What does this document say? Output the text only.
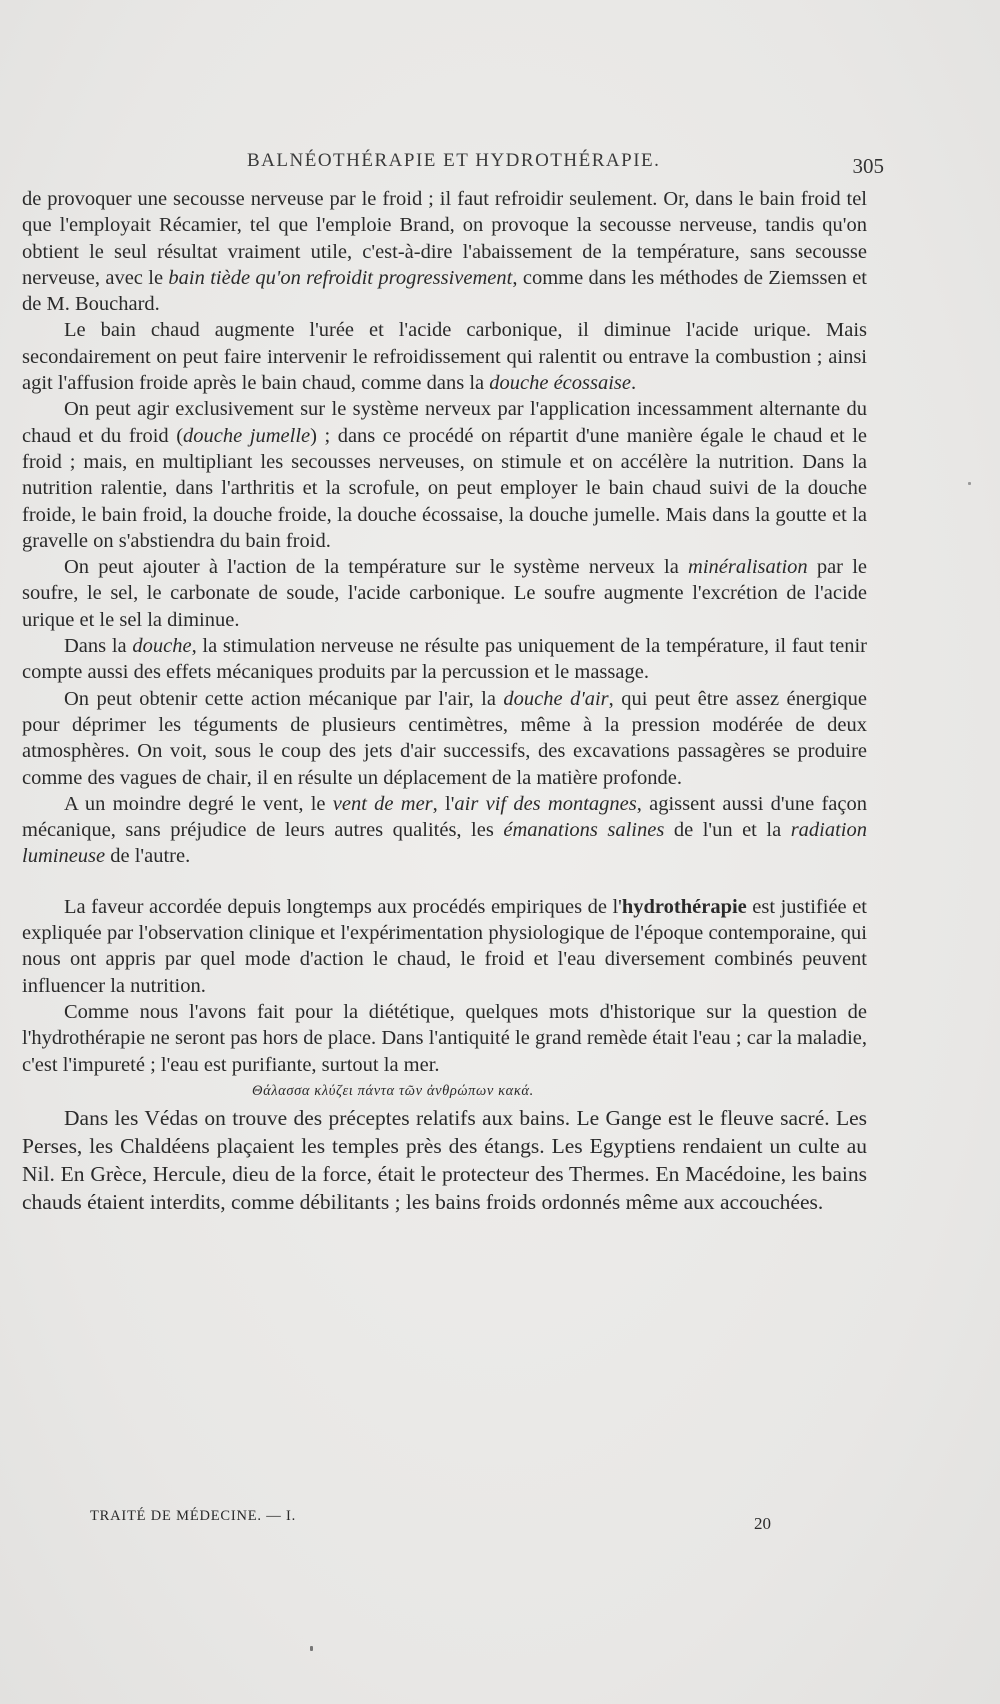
BALNÉOTHÉRAPIE ET HYDROTHÉRAPIE.	305

de provoquer une secousse nerveuse par le froid ; il faut refroidir seulement. Or, dans le bain froid tel que l'employait Récamier, tel que l'emploie Brand, on provoque la secousse nerveuse, tandis qu'on obtient le seul résultat vraiment utile, c'est-à-dire l'abaissement de la température, sans secousse nerveuse, avec le bain tiède qu'on refroidit progressivement, comme dans les méthodes de Ziemssen et de M. Bouchard.

Le bain chaud augmente l'urée et l'acide carbonique, il diminue l'acide urique. Mais secondairement on peut faire intervenir le refroidissement qui ralentit ou entrave la combustion ; ainsi agit l'affusion froide après le bain chaud, comme dans la douche écossaise.

On peut agir exclusivement sur le système nerveux par l'application incessamment alternante du chaud et du froid (douche jumelle) ; dans ce procédé on répartit d'une manière égale le chaud et le froid ; mais, en multipliant les secousses nerveuses, on stimule et on accélère la nutrition. Dans la nutrition ralentie, dans l'arthritis et la scrofule, on peut employer le bain chaud suivi de la douche froide, le bain froid, la douche froide, la douche écossaise, la douche jumelle. Mais dans la goutte et la gravelle on s'abstiendra du bain froid.

On peut ajouter à l'action de la température sur le système nerveux la minéralisation par le soufre, le sel, le carbonate de soude, l'acide carbonique. Le soufre augmente l'excrétion de l'acide urique et le sel la diminue.

Dans la douche, la stimulation nerveuse ne résulte pas uniquement de la température, il faut tenir compte aussi des effets mécaniques produits par la percussion et le massage.

On peut obtenir cette action mécanique par l'air, la douche d'air, qui peut être assez énergique pour déprimer les téguments de plusieurs centimètres, même à la pression modérée de deux atmosphères. On voit, sous le coup des jets d'air successifs, des excavations passagères se produire comme des vagues de chair, il en résulte un déplacement de la matière profonde.

A un moindre degré le vent, le vent de mer, l'air vif des montagnes, agissent aussi d'une façon mécanique, sans préjudice de leurs autres qualités, les émanations salines de l'un et la radiation lumineuse de l'autre.

La faveur accordée depuis longtemps aux procédés empiriques de l'hydrothérapie est justifiée et expliquée par l'observation clinique et l'expérimentation physiologique de l'époque contemporaine, qui nous ont appris par quel mode d'action le chaud, le froid et l'eau diversement combinés peuvent influencer la nutrition.

Comme nous l'avons fait pour la diététique, quelques mots d'historique sur la question de l'hydrothérapie ne seront pas hors de place. Dans l'antiquité le grand remède était l'eau ; car la maladie, c'est l'impureté ; l'eau est purifiante, surtout la mer.

Θάλασσα κλύζει πάντα τῶν ἀνθρώπων κακά.

Dans les Védas on trouve des préceptes relatifs aux bains. Le Gange est le fleuve sacré. Les Perses, les Chaldéens plaçaient les temples près des étangs. Les Egyptiens rendaient un culte au Nil. En Grèce, Hercule, dieu de la force, était le protecteur des Thermes. En Macédoine, les bains chauds étaient interdits, comme débilitants ; les bains froids ordonnés même aux accouchées.

TRAITÉ DE MÉDECINE. — I.	20
